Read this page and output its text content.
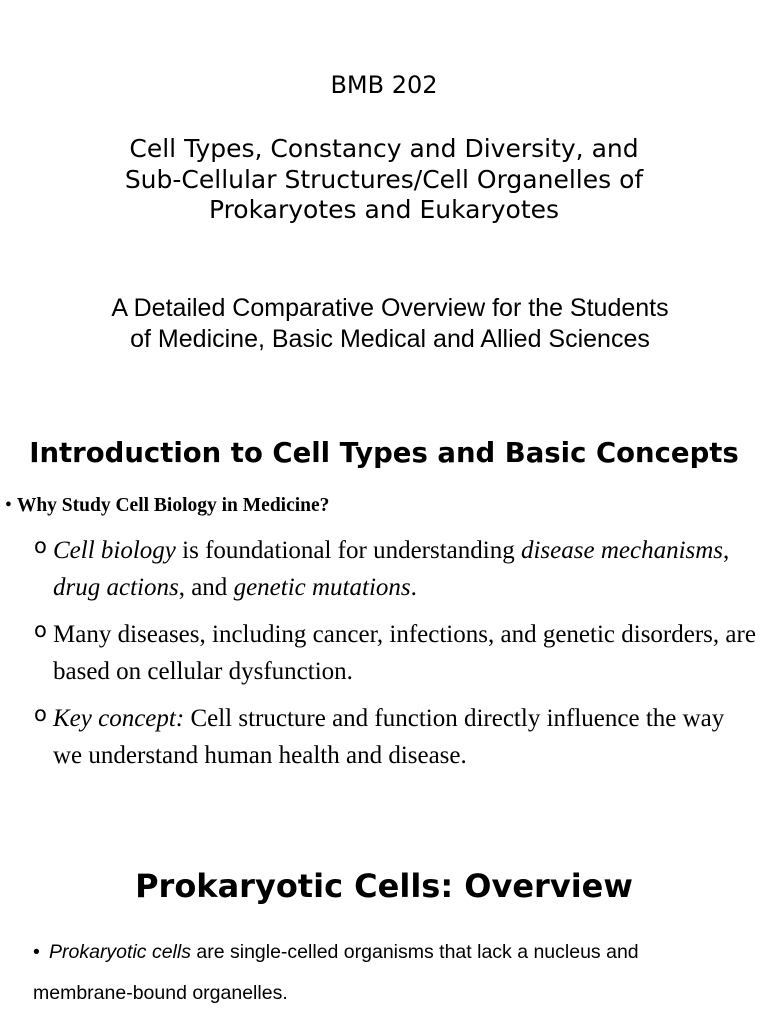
BMB 202
Cell Types, Constancy and Diversity, and Sub-Cellular Structures/Cell Organelles of Prokaryotes and Eukaryotes
A Detailed Comparative Overview for the Students of Medicine, Basic Medical and Allied Sciences
Introduction to Cell Types and Basic Concepts
• Why Study Cell Biology in Medicine?
o Cell biology is foundational for understanding disease mechanisms, drug actions, and genetic mutations.
o Many diseases, including cancer, infections, and genetic disorders, are based on cellular dysfunction.
o Key concept: Cell structure and function directly influence the way we understand human health and disease.
Prokaryotic Cells: Overview
• Prokaryotic cells are single-celled organisms that lack a nucleus and
membrane-bound organelles.
